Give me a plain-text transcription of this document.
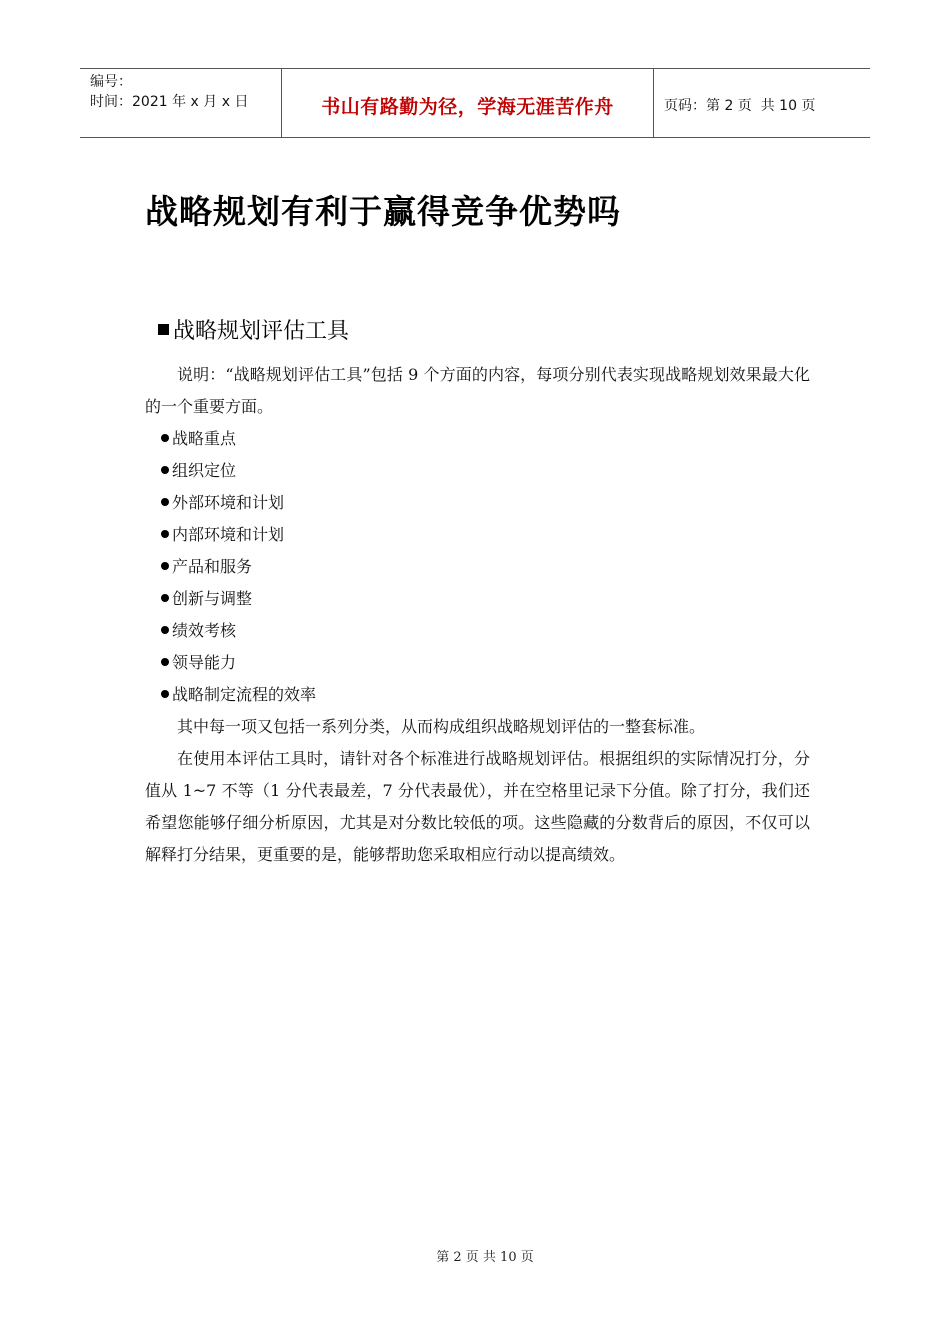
编号：
时间：2021 年 x 月 x 日	书山有路勤为径，学海无涯苦作舟	页码：第 2 页  共 10 页
战略规划有利于赢得竞争优势吗
战略规划评估工具

说明：“战略规划评估工具”包括 9 个方面的内容，每项分别代表实现战略规划效果最大化的一个重要方面。

战略重点
组织定位
外部环境和计划
内部环境和计划
产品和服务
创新与调整
绩效考核
领导能力
战略制定流程的效率

其中每一项又包括一系列分类，从而构成组织战略规划评估的一整套标准。

在使用本评估工具时，请针对各个标准进行战略规划评估。根据组织的实际情况打分，分值从 1~7 不等（1 分代表最差，7 分代表最优），并在空格里记录下分值。除了打分，我们还希望您能够仔细分析原因，尤其是对分数比较低的项。这些隐藏的分数背后的原因，不仅可以解释打分结果，更重要的是，能够帮助您采取相应行动以提高绩效。

第 2 页 共 10 页
